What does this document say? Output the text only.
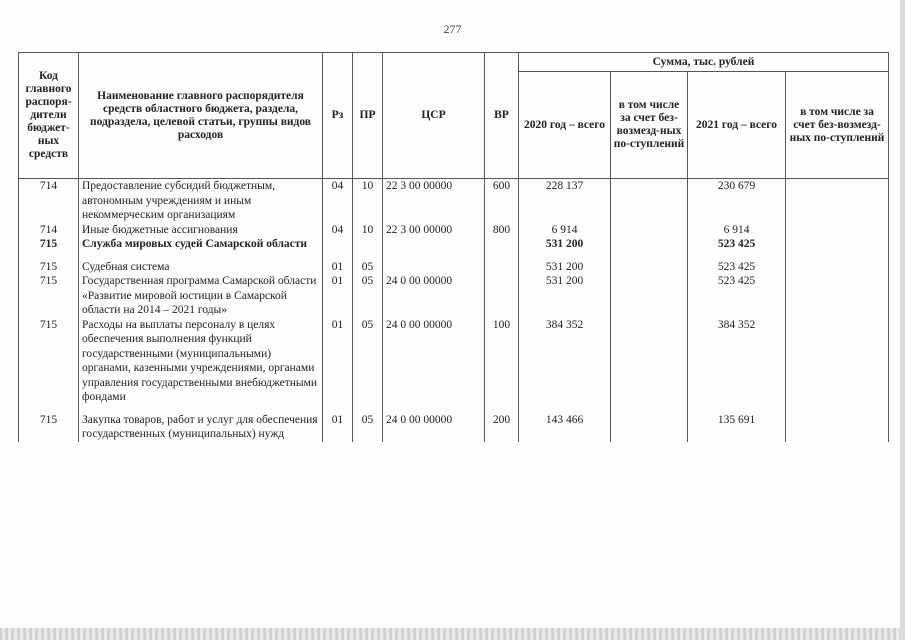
277
Код главного распоря-дители бюджет-ных средств	Наименование главного распорядителя средств областного бюджета, раздела, подраздела, целевой статьи, группы видов расходов	Рз	ПР	ЦСР	ВР	Сумма, тыс. рублей			
						2020 год – всего	в том числе за счет без-возмезд-ных по-ступлений	2021 год – всего	в том числе за счет без-возмезд-ных по-ступлений
714	Предоставление субсидий бюджетным, автономным учреждениям и иным некоммерческим организациям	04	10	22 3 00 00000	600	228 137		230 679	
714	Иные бюджетные ассигнования	04	10	22 3 00 00000	800	6 914		6 914	
715	Служба мировых судей Самарской области					531 200		523 425	

715	Судебная система	01	05			531 200		523 425	
715	Государственная программа Самарской области «Развитие мировой юстиции в Самарской области на 2014 – 2021 годы»	01	05	24 0 00 00000		531 200		523 425	
715	Расходы на выплаты персоналу в целях обеспечения выполнения функций государственными (муниципальными) органами, казенными учреждениями, органами управления государственными внебюджетными фондами	01	05	24 0 00 00000	100	384 352		384 352	

715	Закупка товаров, работ и услуг для обеспечения государственных (муниципальных) нужд	01	05	24 0 00 00000	200	143 466		135 691	
